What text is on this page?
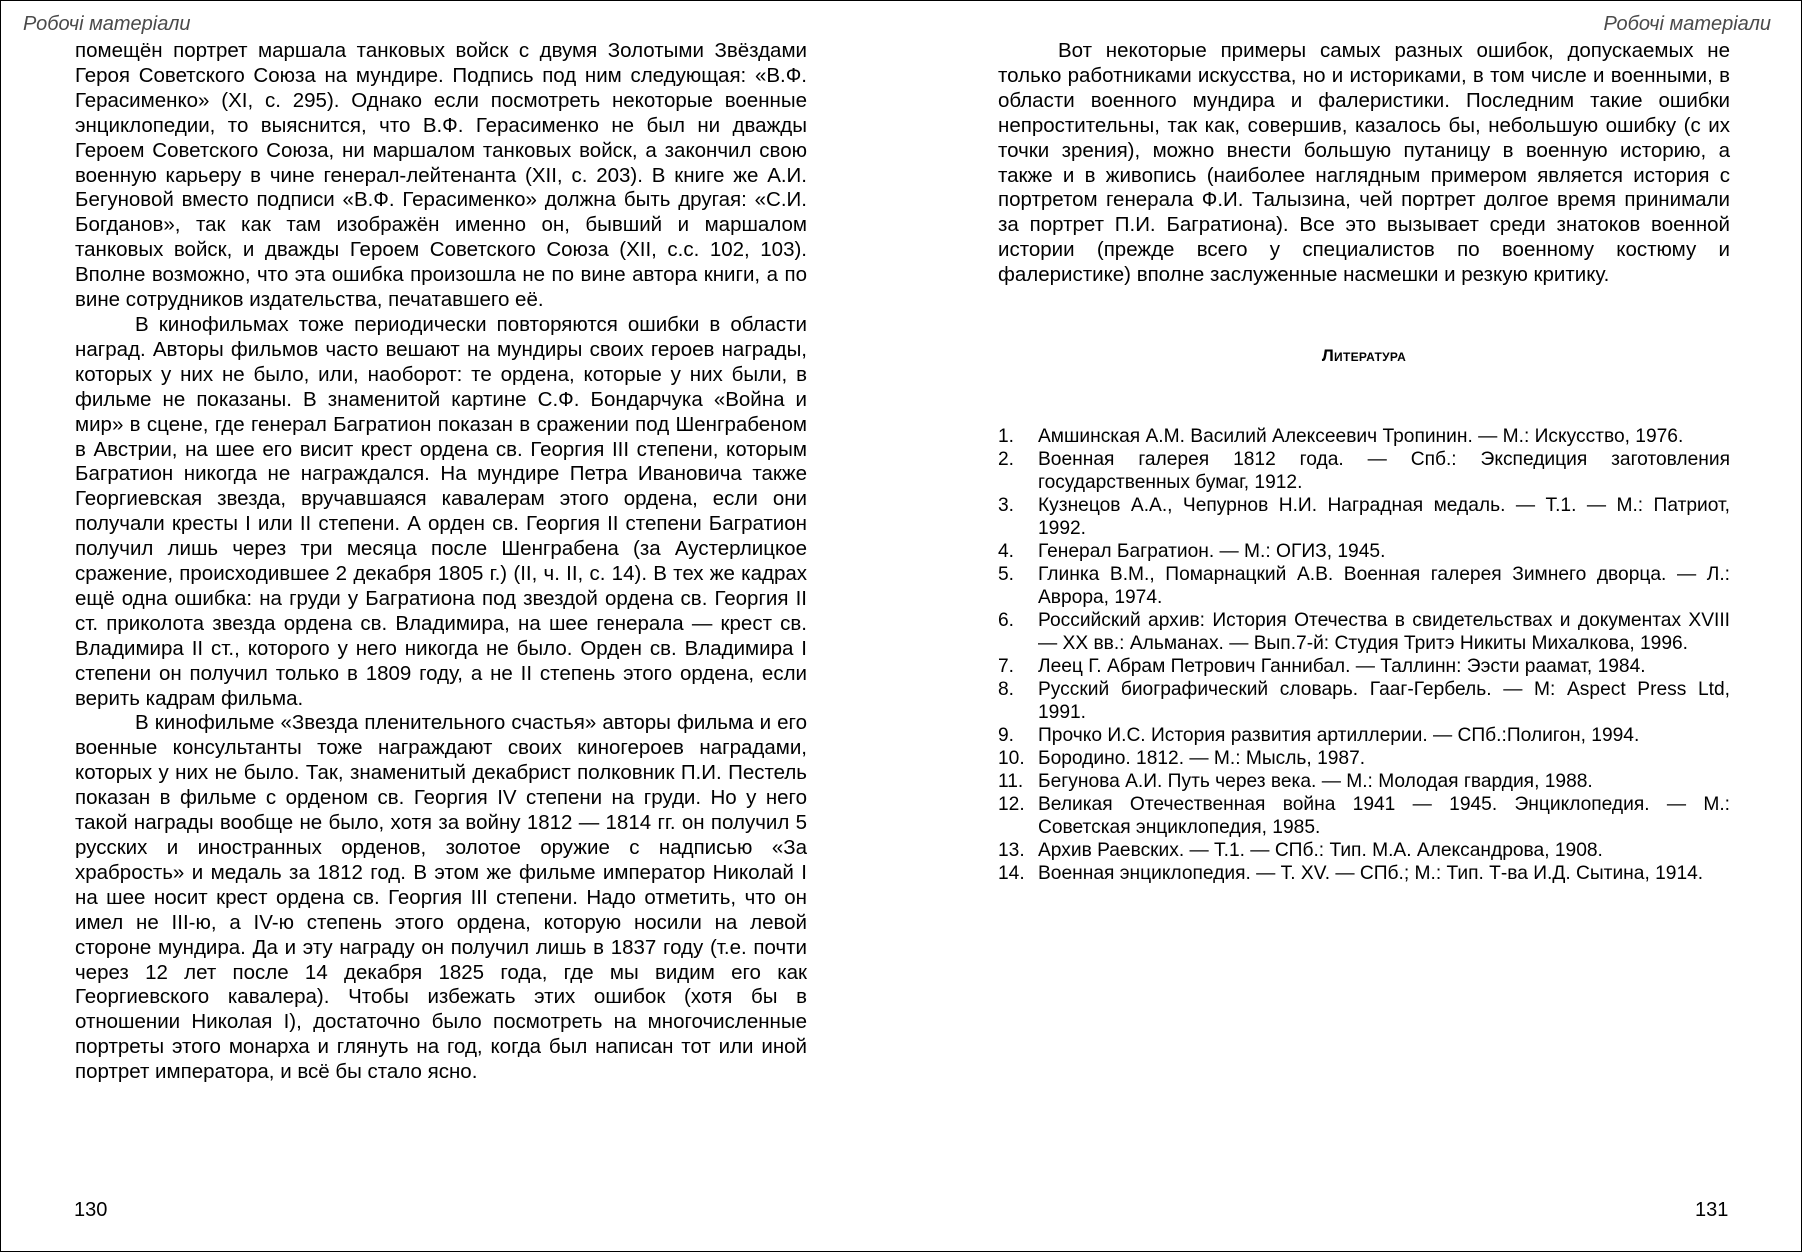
Робочі матеріали

помещён портрет маршала танковых войск с двумя Золотыми Звёздами Героя Советского Союза на мундире. Подпись под ним следующая: «В.Ф. Герасименко» (XI, с. 295). Однако если посмотреть некоторые военные энциклопедии, то выяснится, что В.Ф. Герасименко не был ни дважды Героем Советского Союза, ни маршалом танковых войск, а закончил свою военную карьеру в чине генерал-лейтенанта (XII, с. 203). В книге же А.И. Бегуновой вместо подписи «В.Ф. Герасименко» должна быть другая: «С.И. Богданов», так как там изображён именно он, бывший и маршалом танковых войск, и дважды Героем Советского Союза (XII, с.с. 102, 103). Вполне возможно, что эта ошибка произошла не по вине автора книги, а по вине сотрудников издательства, печатавшего её.

В кинофильмах тоже периодически повторяются ошибки в области наград. Авторы фильмов часто вешают на мундиры своих героев награды, которых у них не было, или, наоборот: те ордена, которые у них были, в фильме не показаны. В знаменитой картине С.Ф. Бондарчука «Война и мир» в сцене, где генерал Багратион показан в сражении под Шенграбеном в Австрии, на шее его висит крест ордена св. Георгия III степени, которым Багратион никогда не награждался. На мундире Петра Ивановича также Георгиевская звезда, вручавшаяся кавалерам этого ордена, если они получали кресты I или II степени. А орден св. Георгия II степени Багратион получил лишь через три месяца после Шенграбена (за Аустерлицкое сражение, происходившее 2 декабря 1805 г.) (II, ч. II, с. 14). В тех же кадрах ещё одна ошибка: на груди у Багратиона под звездой ордена св. Георгия II ст. приколота звезда ордена св. Владимира, на шее генерала — крест св. Владимира II ст., которого у него никогда не было. Орден св. Владимира I степени он получил только в 1809 году, а не II степень этого ордена, если верить кадрам фильма.

В кинофильме «Звезда пленительного счастья» авторы фильма и его военные консультанты тоже награждают своих киногероев наградами, которых у них не было. Так, знаменитый декабрист полковник П.И. Пестель показан в фильме с орденом св. Георгия IV степени на груди. Но у него такой награды вообще не было, хотя за войну 1812 — 1814 гг. он получил 5 русских и иностранных орденов, золотое оружие с надписью «За храбрость» и медаль за 1812 год. В этом же фильме император Николай I на шее носит крест ордена св. Георгия III степени. Надо отметить, что он имел не III-ю, а IV-ю степень этого ордена, которую носили на левой стороне мундира. Да и эту награду он получил лишь в 1837 году (т.е. почти через 12 лет после 14 декабря 1825 года, где мы видим его как Георгиевского кавалера). Чтобы избежать этих ошибок (хотя бы в отношении Николая I), достаточно было посмотреть на многочисленные портреты этого монарха и глянуть на год, когда был написан тот или иной портрет императора, и всё бы стало ясно.

130
Робочі матеріали

Вот некоторые примеры самых разных ошибок, допускаемых не только работниками искусства, но и историками, в том числе и военными, в области военного мундира и фалеристики. Последним такие ошибки непростительны, так как, совершив, казалось бы, небольшую ошибку (с их точки зрения), можно внести большую путаницу в военную историю, а также и в живопись (наиболее наглядным примером является история с портретом генерала Ф.И. Талызина, чей портрет долгое время принимали за портрет П.И. Багратиона). Все это вызывает среди знатоков военной истории (прежде всего у специалистов по военному костюму и фалеристике) вполне заслуженные насмешки и резкую критику.

Литература
1.	Амшинская А.М. Василий Алексеевич Тропинин. — М.: Искусство, 1976.
2.	Военная галерея 1812 года. — Спб.: Экспедиция заготовления государственных бумаг, 1912.
3.	Кузнецов А.А., Чепурнов Н.И. Наградная медаль. — Т.1. — М.: Патриот, 1992.
4.	Генерал Багратион. — М.: ОГИЗ, 1945.
5.	Глинка В.М., Помарнацкий А.В. Военная галерея Зимнего дворца. — Л.: Аврора, 1974.
6.	Российский архив: История Отечества в свидетельствах и документах XVIII — XX вв.: Альманах. — Вып.7-й: Студия Тритэ Никиты Михалкова, 1996.
7.	Леец Г. Абрам Петрович Ганнибал. — Таллинн: Ээсти раамат, 1984.
8.	Русский биографический словарь. Гааг-Гербель. — М: Aspect Press Ltd, 1991.
9.	Прочко И.С. История развития артиллерии. — СПб.:Полигон, 1994.
10. Бородино. 1812. — М.: Мысль, 1987.
11. Бегунова А.И. Путь через века. — М.: Молодая гвардия, 1988.
12. Великая Отечественная война 1941 — 1945. Энциклопедия. — М.: Советская энциклопедия, 1985.
13. Архив Раевских. — Т.1. — СПб.: Тип. М.А. Александрова, 1908.
14. Военная энциклопедия. — Т. XV. — СПб.; М.: Тип. Т-ва И.Д. Сытина, 1914.
131
